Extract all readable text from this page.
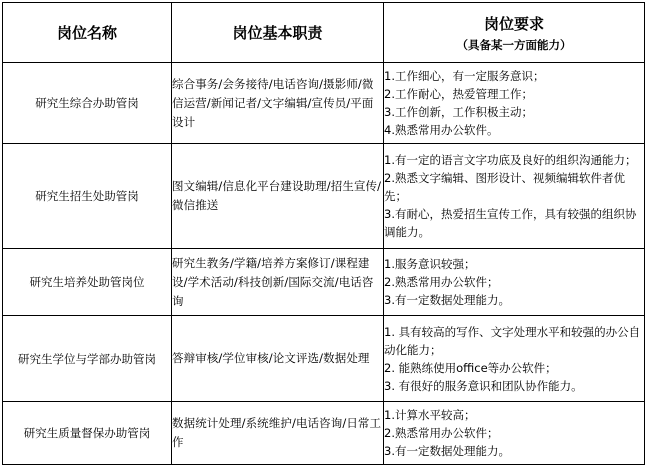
岗位名称	岗位基本职责	岗位要求
（具备某一方面能力）

研究生综合办助管岗	综合事务/会务接待/电话咨询/摄影师/微信运营/新闻记者/文字编辑/宣传员/平面设计	1.工作细心，有一定服务意识；
2.工作耐心，热爱管理工作；
3.工作创新，工作积极主动；
4.熟悉常用办公软件。

研究生招生处助管岗	图文编辑/信息化平台建设助理/招生宣传/微信推送	1.有一定的语言文字功底及良好的组织沟通能力；
2.熟悉文字编辑、图形设计、视频编辑软件者优先；
3.有耐心，热爱招生宣传工作，具有较强的组织协调能力。

研究生培养处助管岗位	研究生教务/学籍/培养方案修订/课程建设/学术活动/科技创新/国际交流/电话咨询	1.服务意识较强；
2.熟悉常用办公软件；
3.有一定数据处理能力。

研究生学位与学部办助管岗	答辩审核/学位审核/论文评选/数据处理	1. 具有较高的写作、文字处理水平和较强的办公自动化能力；
2. 能熟练使用office等办公软件；
3. 有很好的服务意识和团队协作能力。

研究生质量督保办助管岗	数据统计处理/系统维护/电话咨询/日常工作	1.计算水平较高；
2.熟悉常用办公软件；
3.有一定数据处理能力。
